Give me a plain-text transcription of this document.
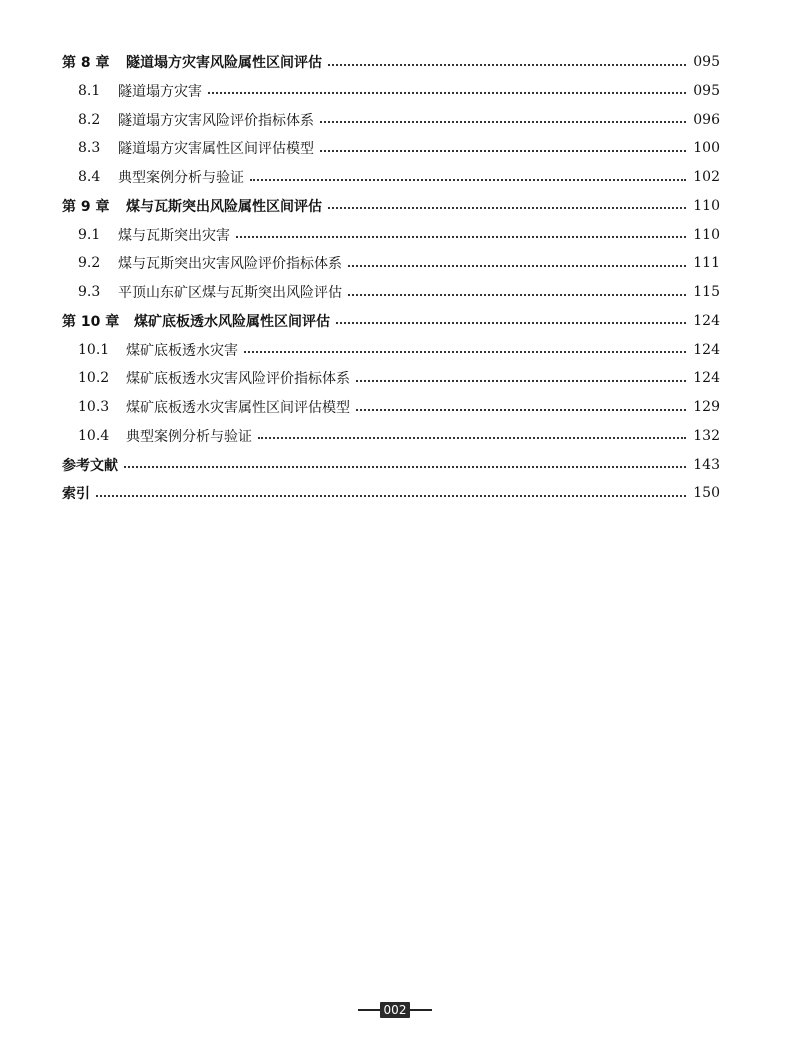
第 8 章	隧道塌方灾害风险属性区间评估	095
8.1	隧道塌方灾害	095
8.2	隧道塌方灾害风险评价指标体系	096
8.3	隧道塌方灾害属性区间评估模型	100
8.4	典型案例分析与验证	102
第 9 章	煤与瓦斯突出风险属性区间评估	110
9.1	煤与瓦斯突出灾害	110
9.2	煤与瓦斯突出灾害风险评价指标体系	111
9.3	平顶山东矿区煤与瓦斯突出风险评估	115
第 10 章	煤矿底板透水风险属性区间评估	124
10.1	煤矿底板透水灾害	124
10.2	煤矿底板透水灾害风险评价指标体系	124
10.3	煤矿底板透水灾害属性区间评估模型	129
10.4	典型案例分析与验证	132
参考文献	143
索引	150
002
